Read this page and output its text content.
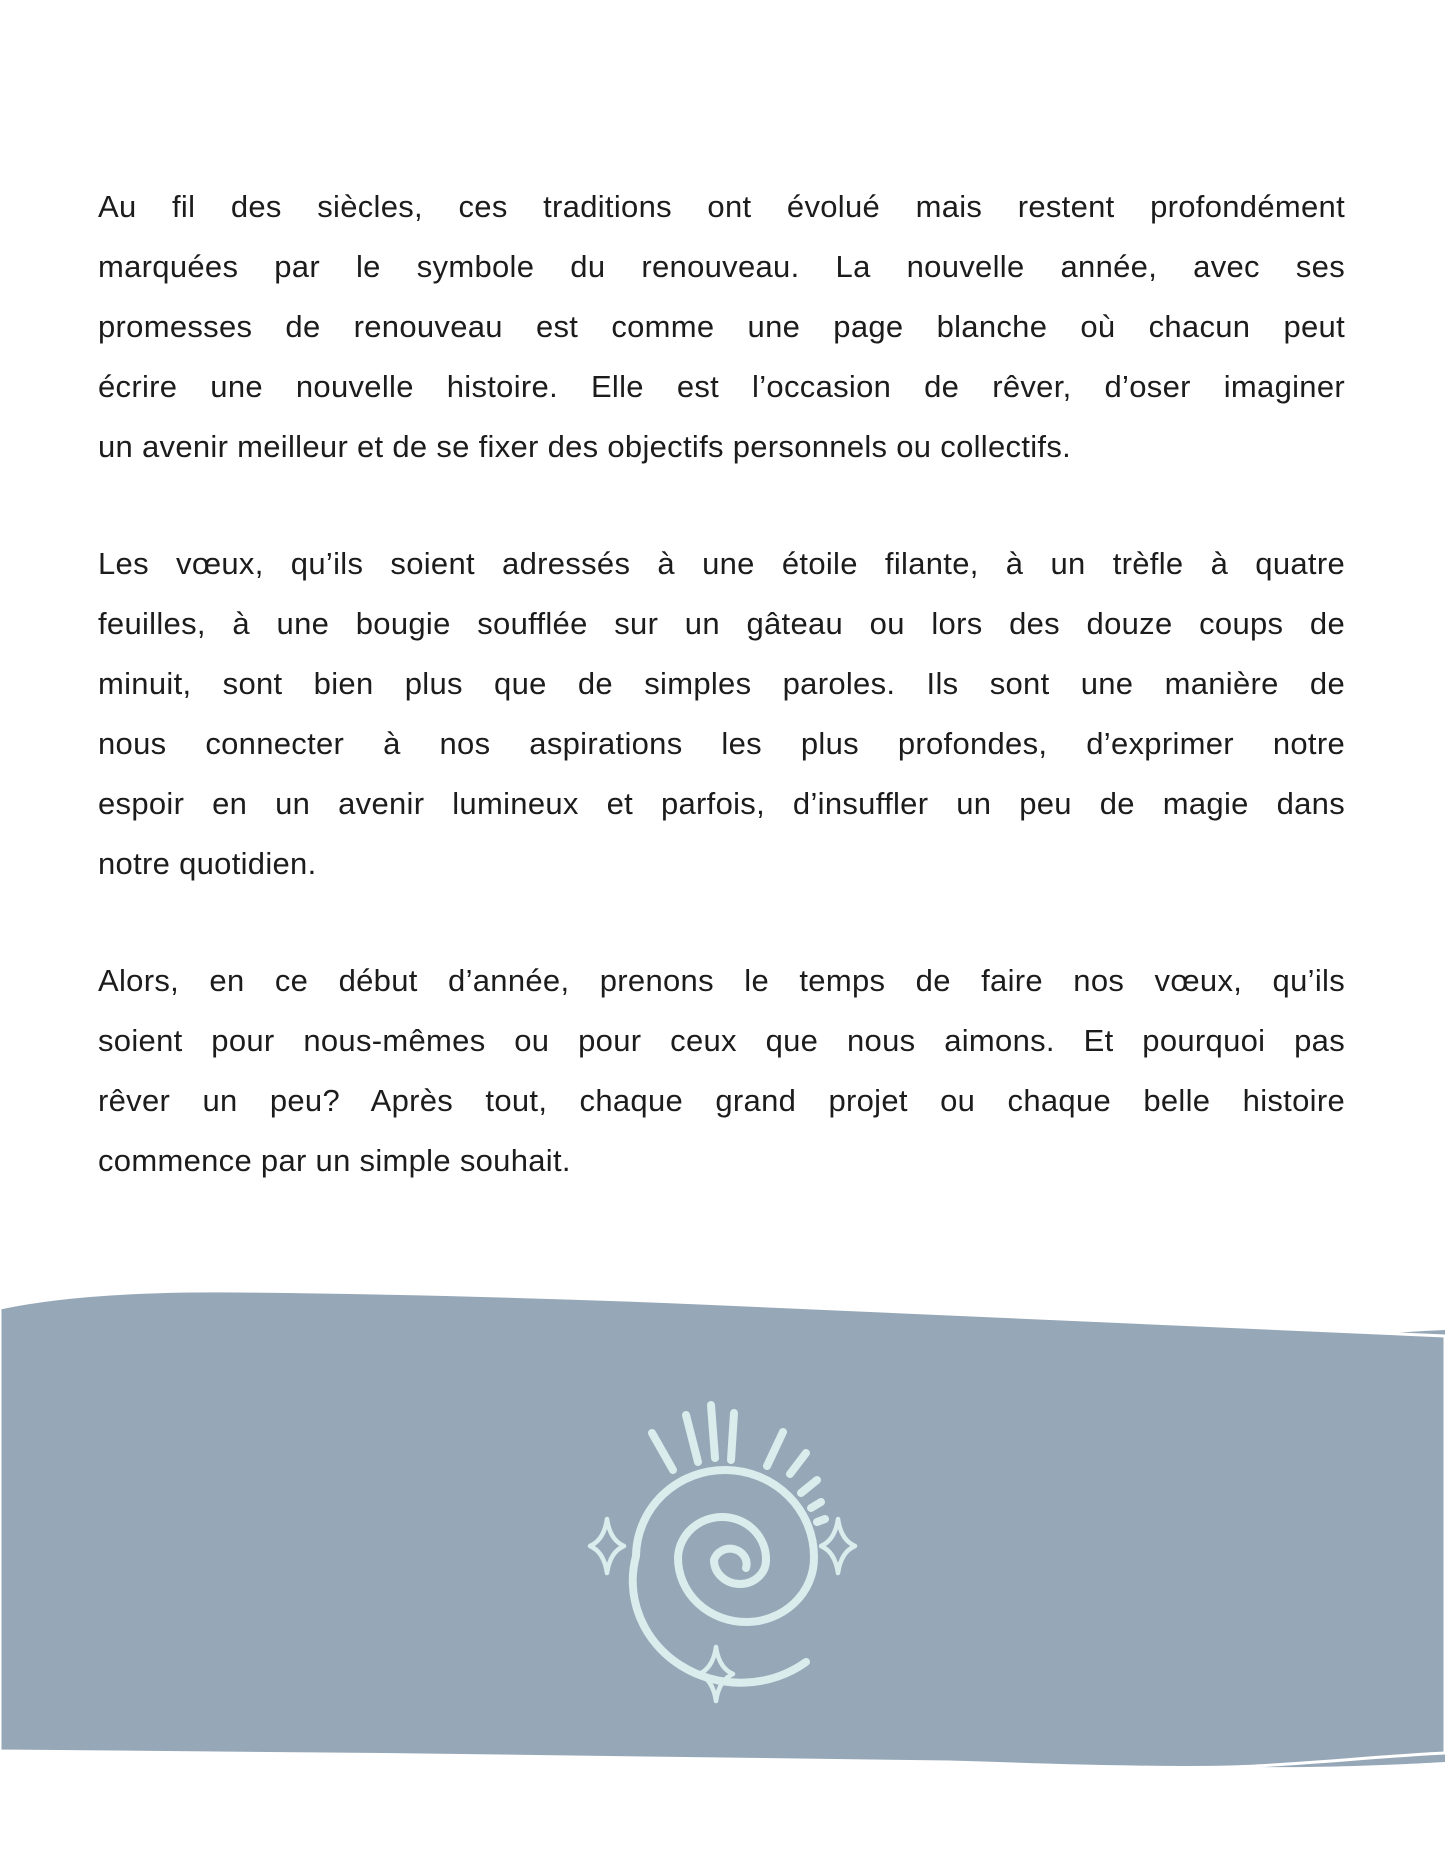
Au fil des siècles, ces traditions ont évolué mais restent profondément
marquées par le symbole du renouveau. La nouvelle année, avec ses
promesses de renouveau est comme une page blanche où chacun peut
écrire une nouvelle histoire. Elle est l’occasion de rêver, d’oser imaginer
un avenir meilleur et de se fixer des objectifs personnels ou collectifs.

Les vœux, qu’ils soient adressés à une étoile filante, à un trèfle à quatre
feuilles, à une bougie soufflée sur un gâteau ou lors des douze coups de
minuit, sont bien plus que de simples paroles. Ils sont une manière de
nous connecter à nos aspirations les plus profondes, d’exprimer notre
espoir en un avenir lumineux et parfois, d’insuffler un peu de magie dans
notre quotidien.

Alors, en ce début d’année, prenons le temps de faire nos vœux, qu’ils
soient pour nous-mêmes ou pour ceux que nous aimons. Et pourquoi pas
rêver un peu? Après tout, chaque grand projet ou chaque belle histoire
commence par un simple souhait.
